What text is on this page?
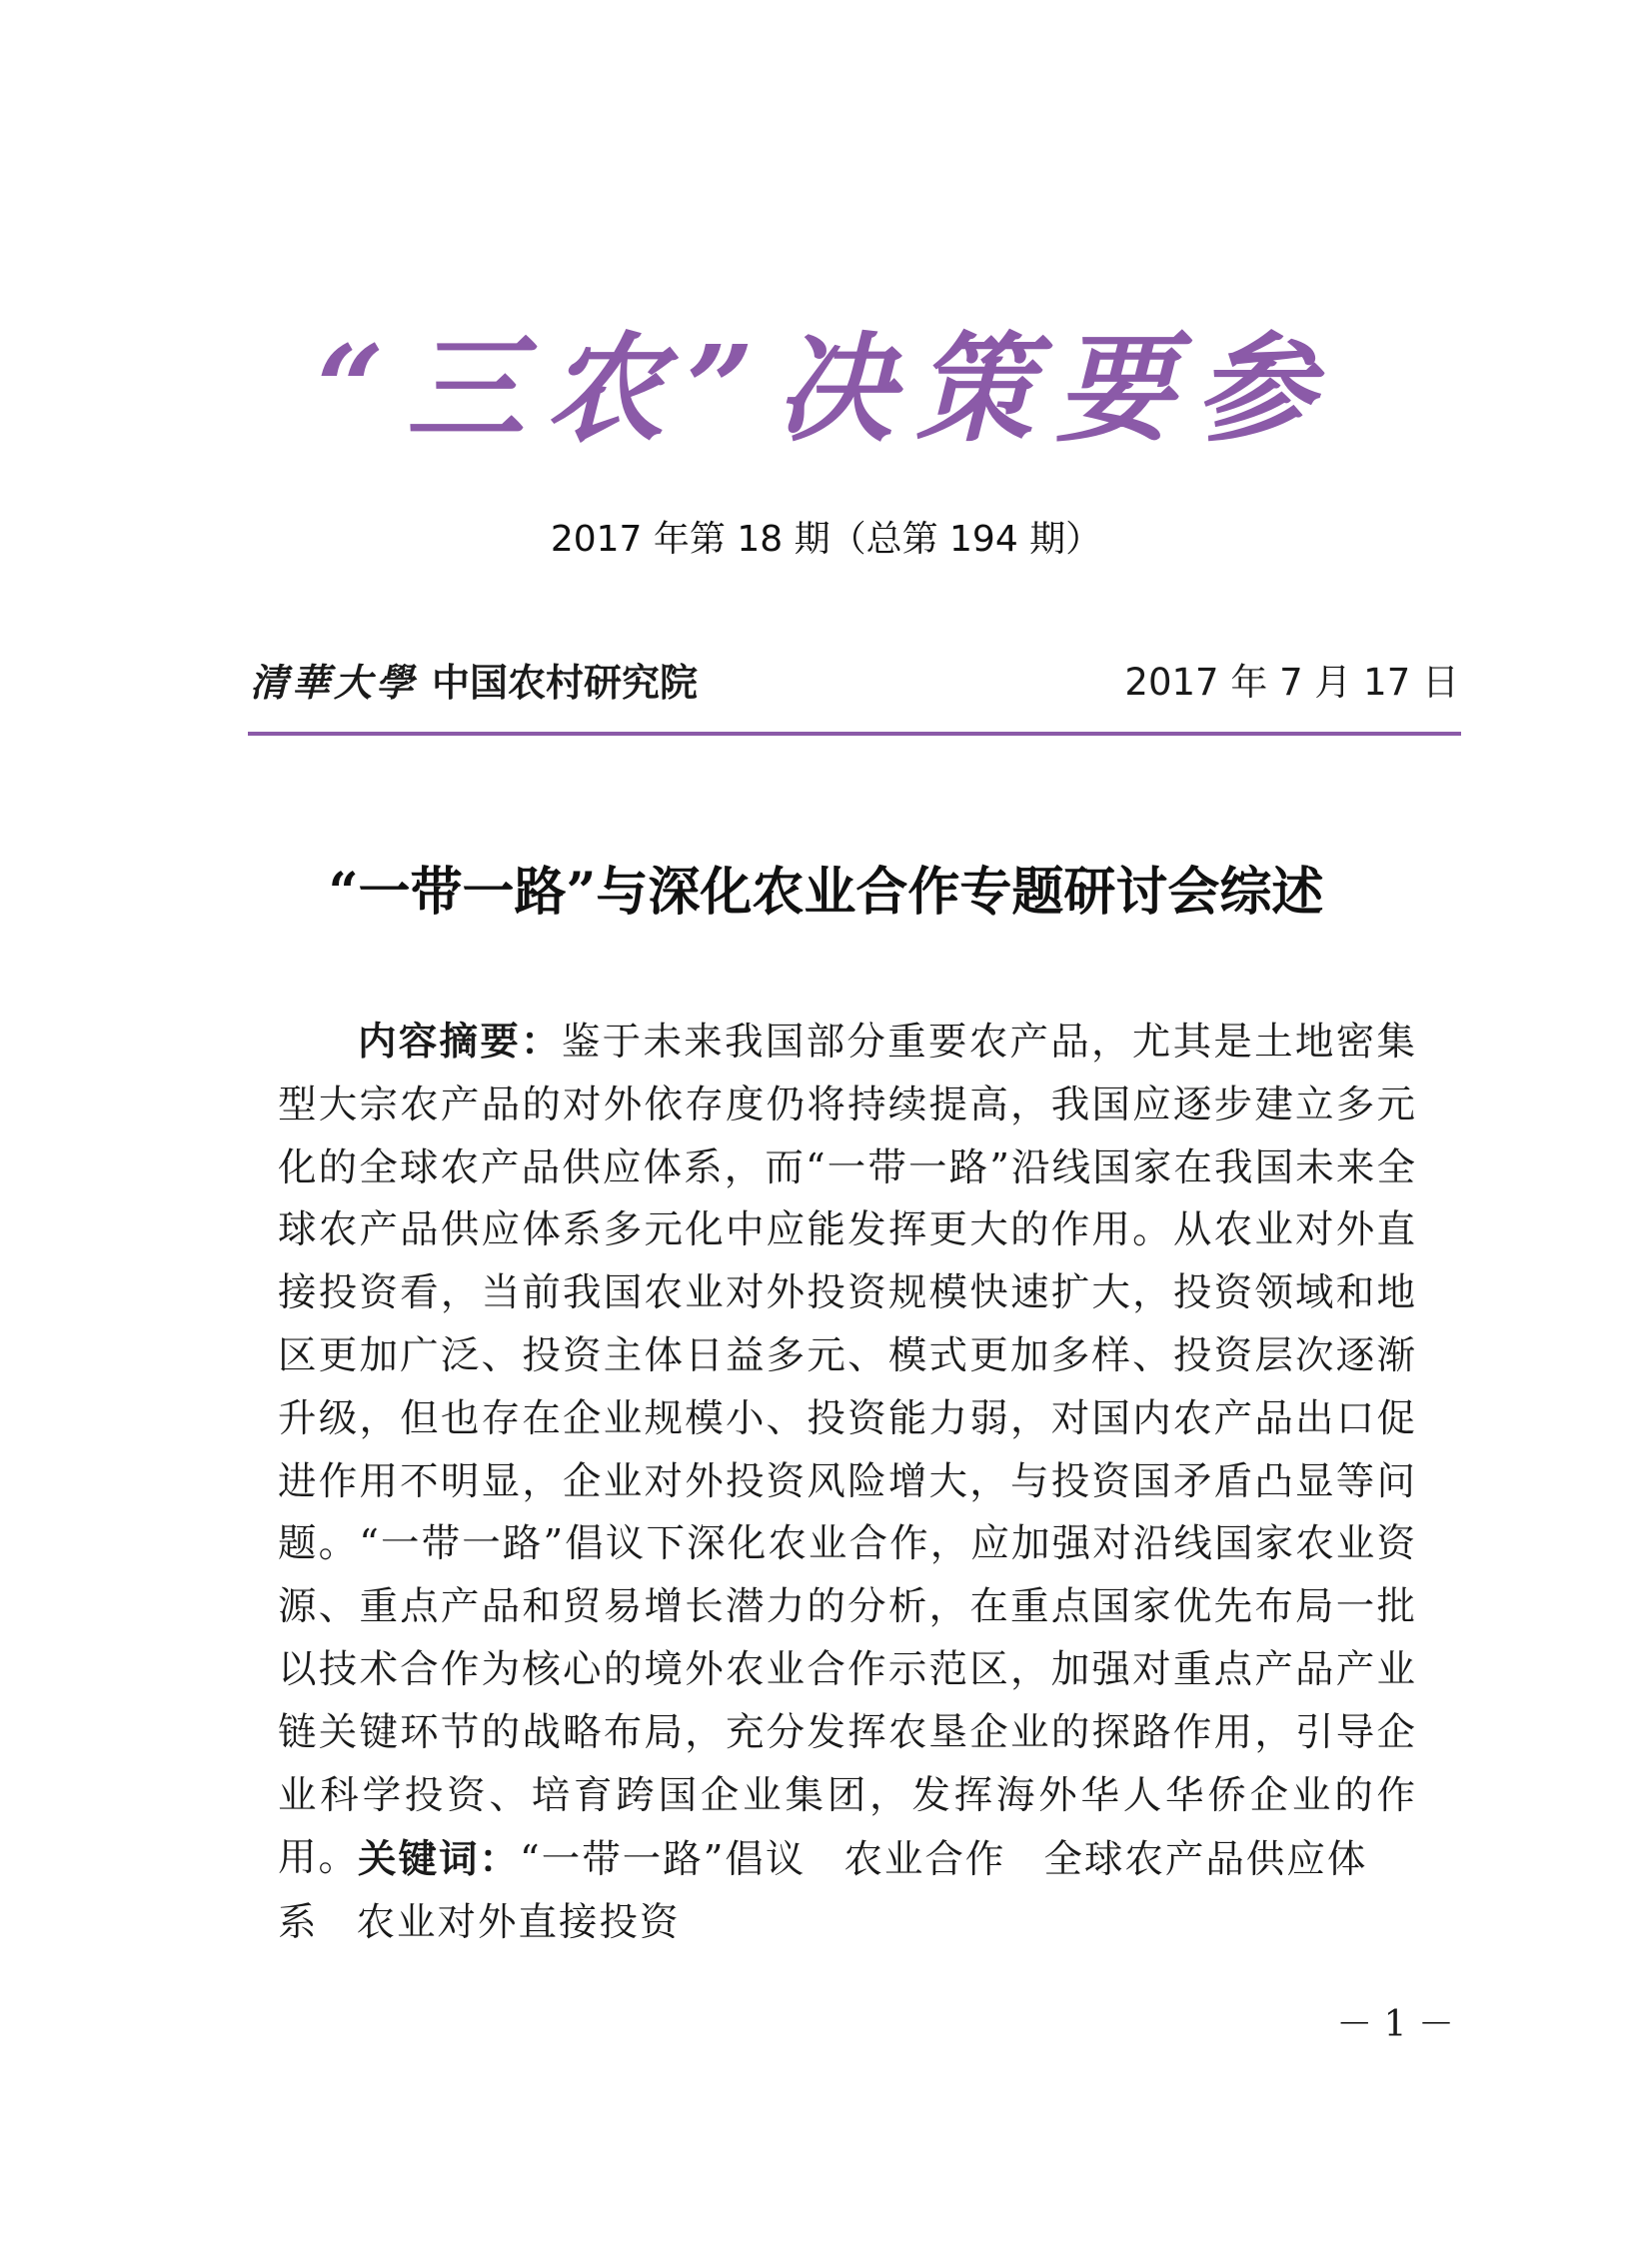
“三农”决策要参
2017 年第 18 期（总第 194 期）
清華大學 中国农村研究院	2017 年 7 月 17 日
“一带一路”与深化农业合作专题研讨会综述

内容摘要：鉴于未来我国部分重要农产品，尤其是土地密集型大宗农产品的对外依存度仍将持续提高，我国应逐步建立多元化的全球农产品供应体系，而“一带一路”沿线国家在我国未来全球农产品供应体系多元化中应能发挥更大的作用。从农业对外直接投资看，当前我国农业对外投资规模快速扩大，投资领域和地区更加广泛、投资主体日益多元、模式更加多样、投资层次逐渐升级，但也存在企业规模小、投资能力弱，对国内农产品出口促进作用不明显，企业对外投资风险增大，与投资国矛盾凸显等问题。“一带一路”倡议下深化农业合作，应加强对沿线国家农业资源、重点产品和贸易增长潜力的分析，在重点国家优先布局一批以技术合作为核心的境外农业合作示范区，加强对重点产品产业链关键环节的战略布局，充分发挥农垦企业的探路作用，引导企业科学投资、培育跨国企业集团，发挥海外华人华侨企业的作用。

关键词：“一带一路”倡议 农业合作 全球农产品供应体系 农业对外直接投资

－ 1 －
